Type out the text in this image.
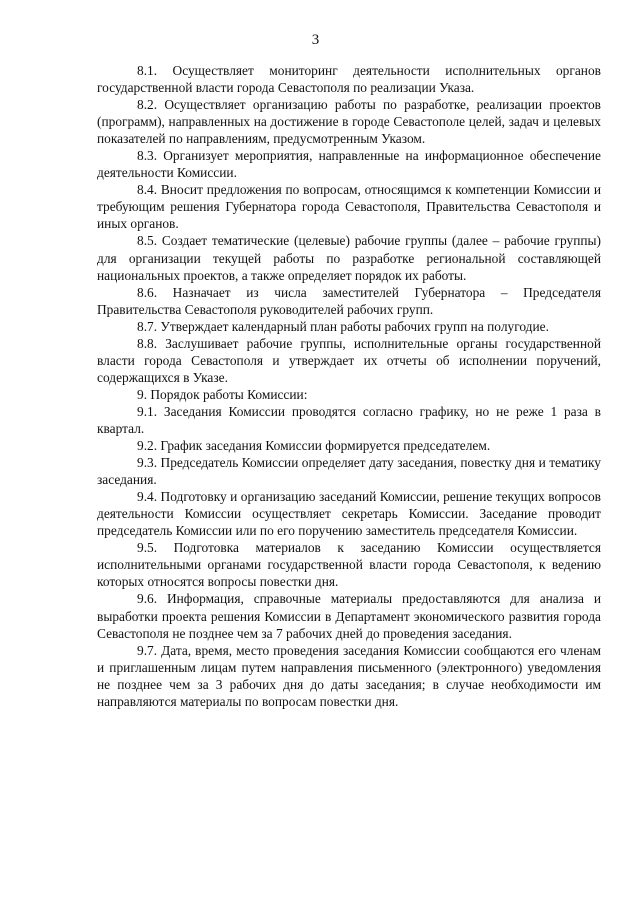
3

8.1. Осуществляет мониторинг деятельности исполнительных органов государственной власти города Севастополя по реализации Указа.

8.2. Осуществляет организацию работы по разработке, реализации проектов (программ), направленных на достижение в городе Севастополе целей, задач и целевых показателей по направлениям, предусмотренным Указом.

8.3. Организует мероприятия, направленные на информационное обеспечение деятельности Комиссии.

8.4. Вносит предложения по вопросам, относящимся к компетенции Комиссии и требующим решения Губернатора города Севастополя, Правительства Севастополя и иных органов.

8.5. Создает тематические (целевые) рабочие группы (далее – рабочие группы) для организации текущей работы по разработке региональной составляющей национальных проектов, а также определяет порядок их работы.

8.6. Назначает из числа заместителей Губернатора – Председателя Правительства Севастополя руководителей рабочих групп.

8.7. Утверждает календарный план работы рабочих групп на полугодие.

8.8. Заслушивает рабочие группы, исполнительные органы государственной власти города Севастополя и утверждает их отчеты об исполнении поручений, содержащихся в Указе.

9. Порядок работы Комиссии:

9.1. Заседания Комиссии проводятся согласно графику, но не реже 1 раза в квартал.

9.2. График заседания Комиссии формируется председателем.

9.3. Председатель Комиссии определяет дату заседания, повестку дня и тематику заседания.

9.4. Подготовку и организацию заседаний Комиссии, решение текущих вопросов деятельности Комиссии осуществляет секретарь Комиссии. Заседание проводит председатель Комиссии или по его поручению заместитель председателя Комиссии.

9.5. Подготовка материалов к заседанию Комиссии осуществляется исполнительными органами государственной власти города Севастополя, к ведению которых относятся вопросы повестки дня.

9.6. Информация, справочные материалы предоставляются для анализа и выработки проекта решения Комиссии в Департамент экономического развития города Севастополя не позднее чем за 7 рабочих дней до проведения заседания.

9.7. Дата, время, место проведения заседания Комиссии сообщаются его членам и приглашенным лицам путем направления письменного (электронного) уведомления не позднее чем за 3 рабочих дня до даты заседания; в случае необходимости им направляются материалы по вопросам повестки дня.
